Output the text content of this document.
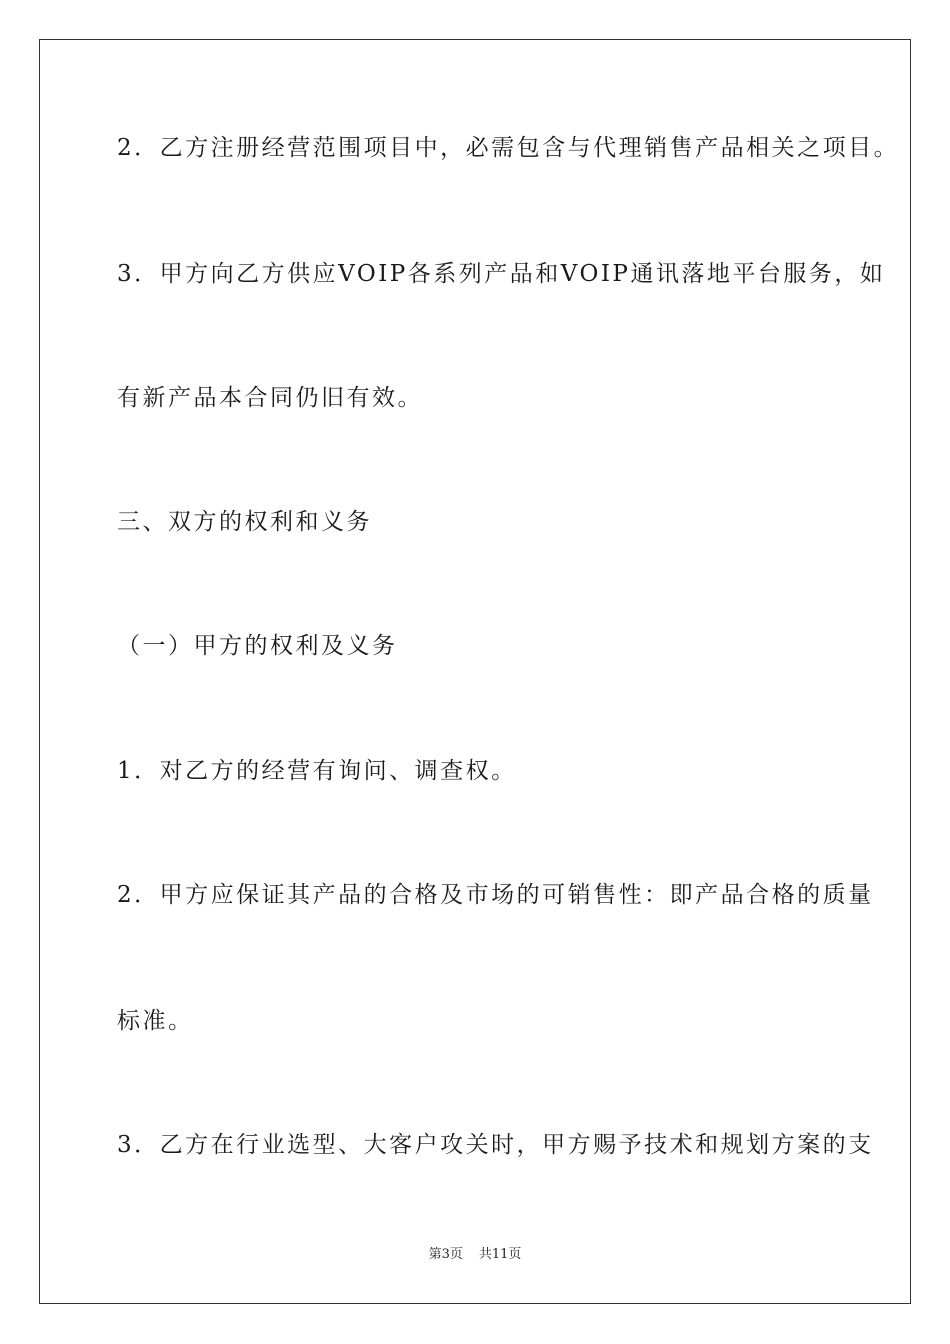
2．乙方注册经营范围项目中，必需包含与代理销售产品相关之项目。

3．甲方向乙方供应VOIP各系列产品和VOIP通讯落地平台服务，如

有新产品本合同仍旧有效。

三、双方的权利和义务

（一）甲方的权利及义务

1．对乙方的经营有询问、调查权。

2．甲方应保证其产品的合格及市场的可销售性：即产品合格的质量

标准。

3．乙方在行业选型、大客户攻关时，甲方赐予技术和规划方案的支

第3页 共11页
